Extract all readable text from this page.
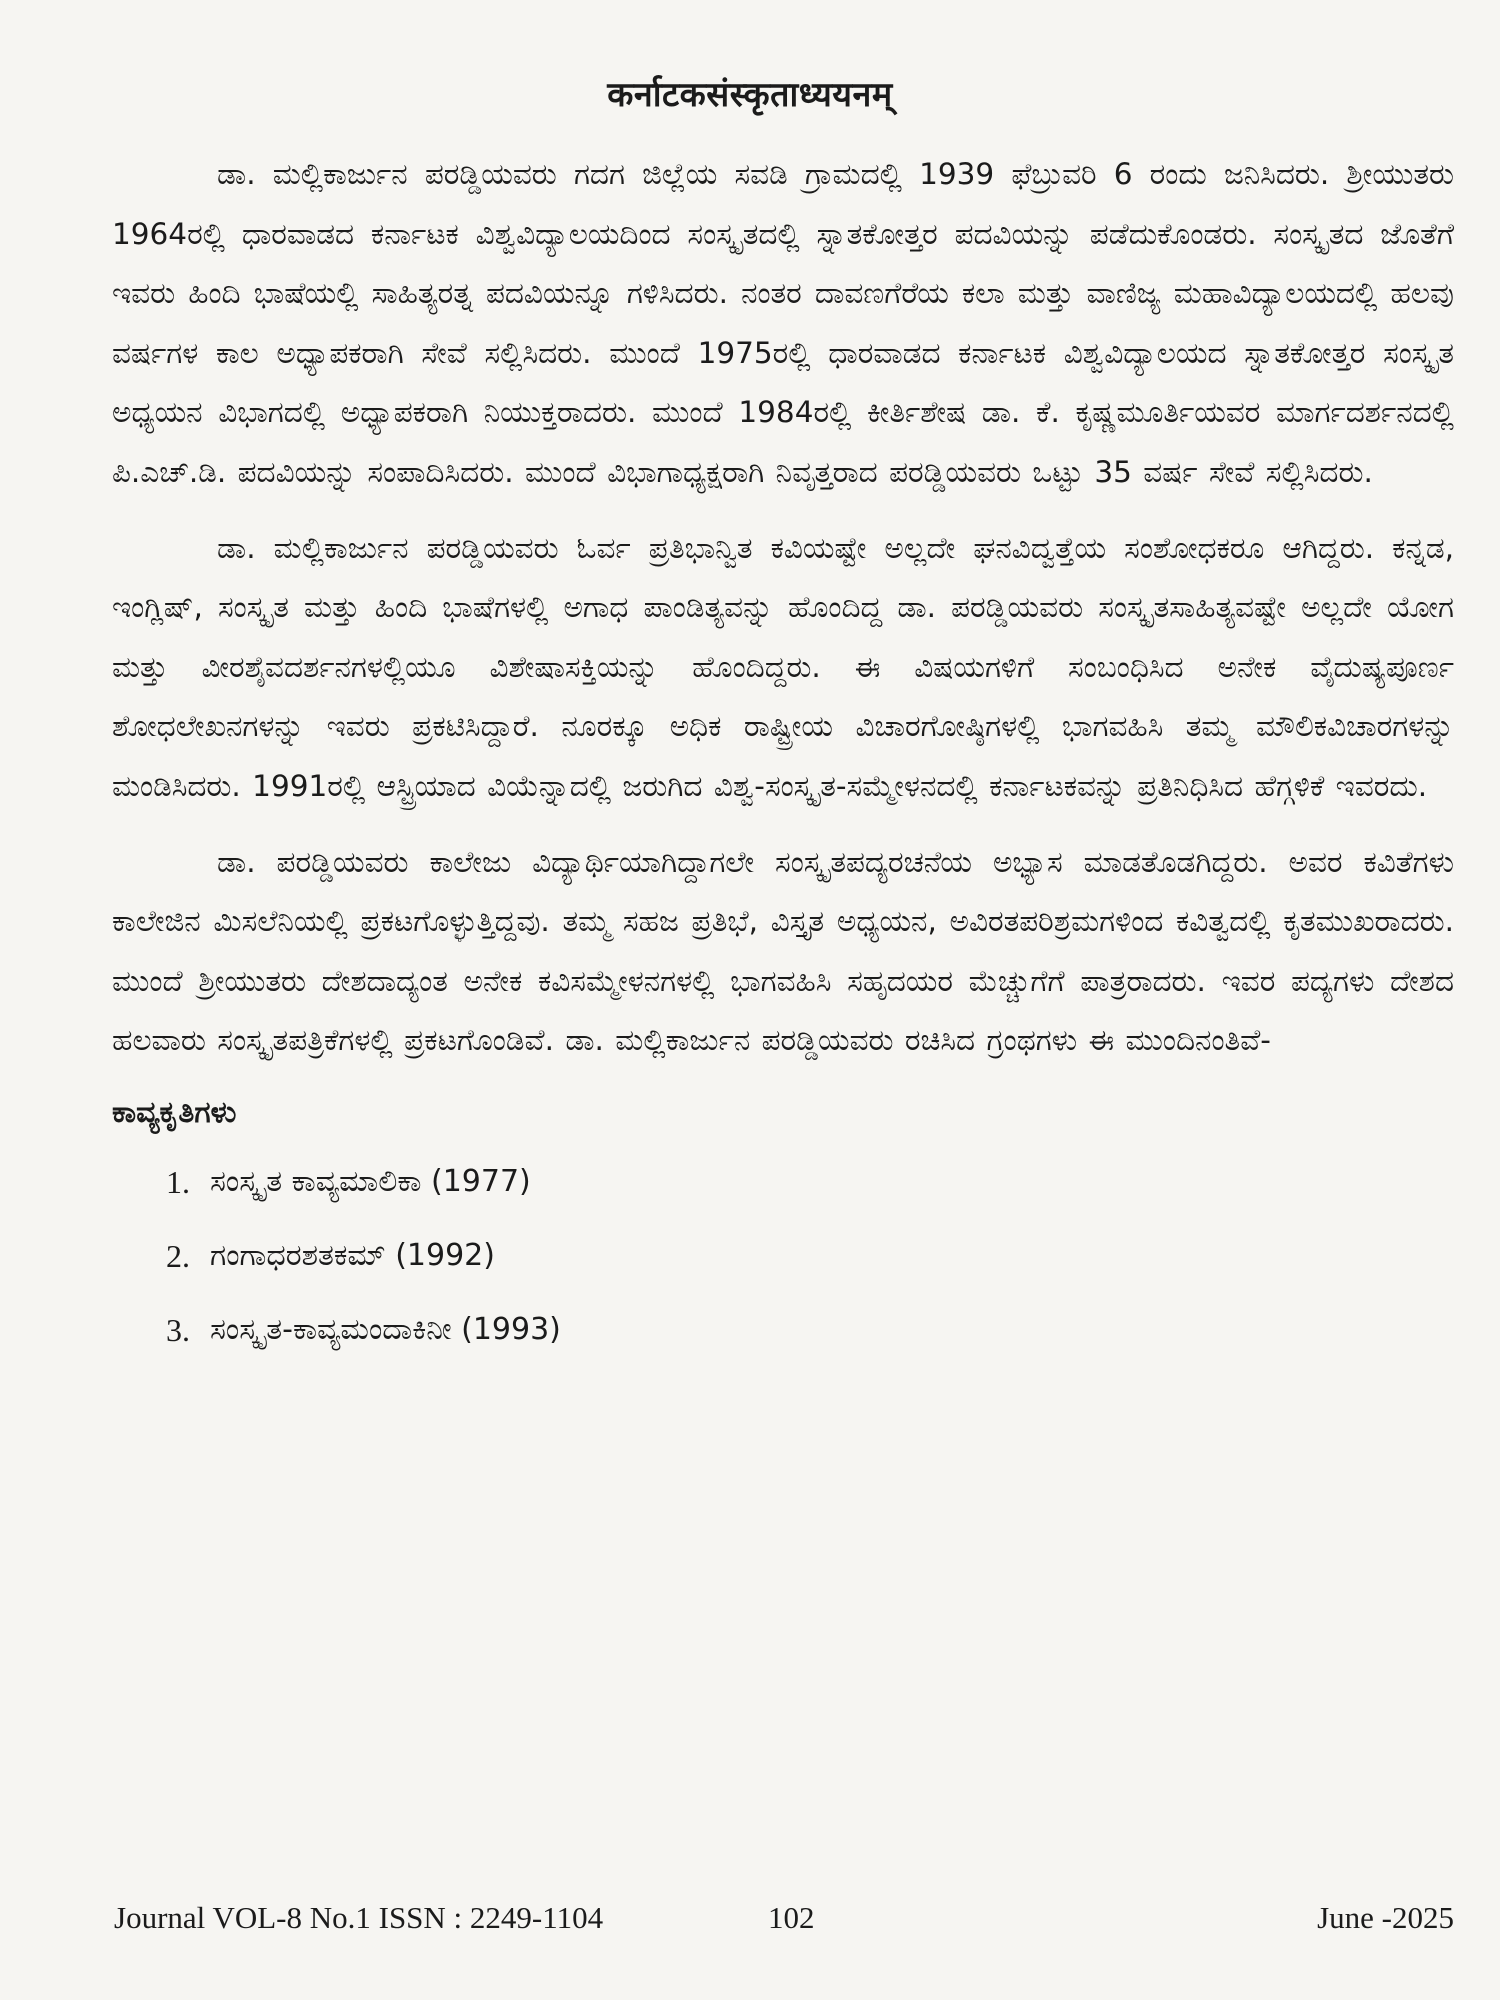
कर्नाटकसंस्कृताध्ययनम्

ಡಾ. ಮಲ್ಲಿಕಾರ್ಜುನ ಪರಡ್ಡಿಯವರು ಗದಗ ಜಿಲ್ಲೆಯ ಸವಡಿ ಗ್ರಾಮದಲ್ಲಿ 1939 ಫೆಬ್ರುವರಿ 6 ರಂದು ಜನಿಸಿದರು. ಶ್ರೀಯುತರು 1964ರಲ್ಲಿ ಧಾರವಾಡದ ಕರ್ನಾಟಕ ವಿಶ್ವವಿದ್ಯಾಲಯದಿಂದ ಸಂಸ್ಕೃತದಲ್ಲಿ ಸ್ನಾತಕೋತ್ತರ ಪದವಿಯನ್ನು ಪಡೆದುಕೊಂಡರು. ಸಂಸ್ಕೃತದ ಜೊತೆಗೆ ಇವರು ಹಿಂದಿ ಭಾಷೆಯಲ್ಲಿ ಸಾಹಿತ್ಯರತ್ನ ಪದವಿಯನ್ನೂ ಗಳಿಸಿದರು. ನಂತರ ದಾವಣಗೆರೆಯ ಕಲಾ ಮತ್ತು ವಾಣಿಜ್ಯ ಮಹಾವಿದ್ಯಾಲಯದಲ್ಲಿ ಹಲವು ವರ್ಷಗಳ ಕಾಲ ಅಧ್ಯಾಪಕರಾಗಿ ಸೇವೆ ಸಲ್ಲಿಸಿದರು. ಮುಂದೆ 1975ರಲ್ಲಿ ಧಾರವಾಡದ ಕರ್ನಾಟಕ ವಿಶ್ವವಿದ್ಯಾಲಯದ ಸ್ನಾತಕೋತ್ತರ ಸಂಸ್ಕೃತ ಅಧ್ಯಯನ ವಿಭಾಗದಲ್ಲಿ ಅಧ್ಯಾಪಕರಾಗಿ ನಿಯುಕ್ತರಾದರು. ಮುಂದೆ 1984ರಲ್ಲಿ ಕೀರ್ತಿಶೇಷ ಡಾ. ಕೆ. ಕೃಷ್ಣಮೂರ್ತಿಯವರ ಮಾರ್ಗದರ್ಶನದಲ್ಲಿ ಪಿ.ಎಚ್.ಡಿ. ಪದವಿಯನ್ನು ಸಂಪಾದಿಸಿದರು. ಮುಂದೆ ವಿಭಾಗಾಧ್ಯಕ್ಷರಾಗಿ ನಿವೃತ್ತರಾದ ಪರಡ್ಡಿಯವರು ಒಟ್ಟು 35 ವರ್ಷ ಸೇವೆ ಸಲ್ಲಿಸಿದರು.

ಡಾ. ಮಲ್ಲಿಕಾರ್ಜುನ ಪರಡ್ಡಿಯವರು ಓರ್ವ ಪ್ರತಿಭಾನ್ವಿತ ಕವಿಯಷ್ಟೇ ಅಲ್ಲದೇ ಘನವಿದ್ವತ್ತೆಯ ಸಂಶೋಧಕರೂ ಆಗಿದ್ದರು. ಕನ್ನಡ, ಇಂಗ್ಲಿಷ್, ಸಂಸ್ಕೃತ ಮತ್ತು ಹಿಂದಿ ಭಾಷೆಗಳಲ್ಲಿ ಅಗಾಧ ಪಾಂಡಿತ್ಯವನ್ನು ಹೊಂದಿದ್ದ ಡಾ. ಪರಡ್ಡಿಯವರು ಸಂಸ್ಕೃತಸಾಹಿತ್ಯವಷ್ಟೇ ಅಲ್ಲದೇ ಯೋಗ ಮತ್ತು ವೀರಶೈವದರ್ಶನಗಳಲ್ಲಿಯೂ ವಿಶೇಷಾಸಕ್ತಿಯನ್ನು ಹೊಂದಿದ್ದರು. ಈ ವಿಷಯಗಳಿಗೆ ಸಂಬಂಧಿಸಿದ ಅನೇಕ ವೈದುಷ್ಯಪೂರ್ಣ ಶೋಧಲೇಖನಗಳನ್ನು ಇವರು ಪ್ರಕಟಿಸಿದ್ದಾರೆ. ನೂರಕ್ಕೂ ಅಧಿಕ ರಾಷ್ಟ್ರೀಯ ವಿಚಾರಗೋಷ್ಠಿಗಳಲ್ಲಿ ಭಾಗವಹಿಸಿ ತಮ್ಮ ಮೌಲಿಕವಿಚಾರಗಳನ್ನು ಮಂಡಿಸಿದರು. 1991ರಲ್ಲಿ ಆಸ್ಟ್ರಿಯಾದ ವಿಯೆನ್ನಾದಲ್ಲಿ ಜರುಗಿದ ವಿಶ್ವ-ಸಂಸ್ಕೃತ-ಸಮ್ಮೇಳನದಲ್ಲಿ ಕರ್ನಾಟಕವನ್ನು ಪ್ರತಿನಿಧಿಸಿದ ಹೆಗ್ಗಳಿಕೆ ಇವರದು.

ಡಾ. ಪರಡ್ಡಿಯವರು ಕಾಲೇಜು ವಿದ್ಯಾರ್ಥಿಯಾಗಿದ್ದಾಗಲೇ ಸಂಸ್ಕೃತಪದ್ಯರಚನೆಯ ಅಭ್ಯಾಸ ಮಾಡತೊಡಗಿದ್ದರು. ಅವರ ಕವಿತೆಗಳು ಕಾಲೇಜಿನ ಮಿಸಲೆನಿಯಲ್ಲಿ ಪ್ರಕಟಗೊಳ್ಳುತ್ತಿದ್ದವು. ತಮ್ಮ ಸಹಜ ಪ್ರತಿಭೆ, ವಿಸ್ತೃತ ಅಧ್ಯಯನ, ಅವಿರತಪರಿಶ್ರಮಗಳಿಂದ ಕವಿತ್ವದಲ್ಲಿ ಕೃತಮುಖರಾದರು. ಮುಂದೆ ಶ್ರೀಯುತರು ದೇಶದಾದ್ಯಂತ ಅನೇಕ ಕವಿಸಮ್ಮೇಳನಗಳಲ್ಲಿ ಭಾಗವಹಿಸಿ ಸಹೃದಯರ ಮೆಚ್ಚುಗೆಗೆ ಪಾತ್ರರಾದರು. ಇವರ ಪದ್ಯಗಳು ದೇಶದ ಹಲವಾರು ಸಂಸ್ಕೃತಪತ್ರಿಕೆಗಳಲ್ಲಿ ಪ್ರಕಟಗೊಂಡಿವೆ. ಡಾ. ಮಲ್ಲಿಕಾರ್ಜುನ ಪರಡ್ಡಿಯವರು ರಚಿಸಿದ ಗ್ರಂಥಗಳು ಈ ಮುಂದಿನಂತಿವೆ-

ಕಾವ್ಯಕೃತಿಗಳು
1. ಸಂಸ್ಕೃತ ಕಾವ್ಯಮಾಲಿಕಾ (1977)
2. ಗಂಗಾಧರಶತಕಮ್ (1992)
3. ಸಂಸ್ಕೃತ-ಕಾವ್ಯಮಂದಾಕಿನೀ (1993)
Journal VOL-8 No.1 ISSN : 2249-1104	102	June -2025
